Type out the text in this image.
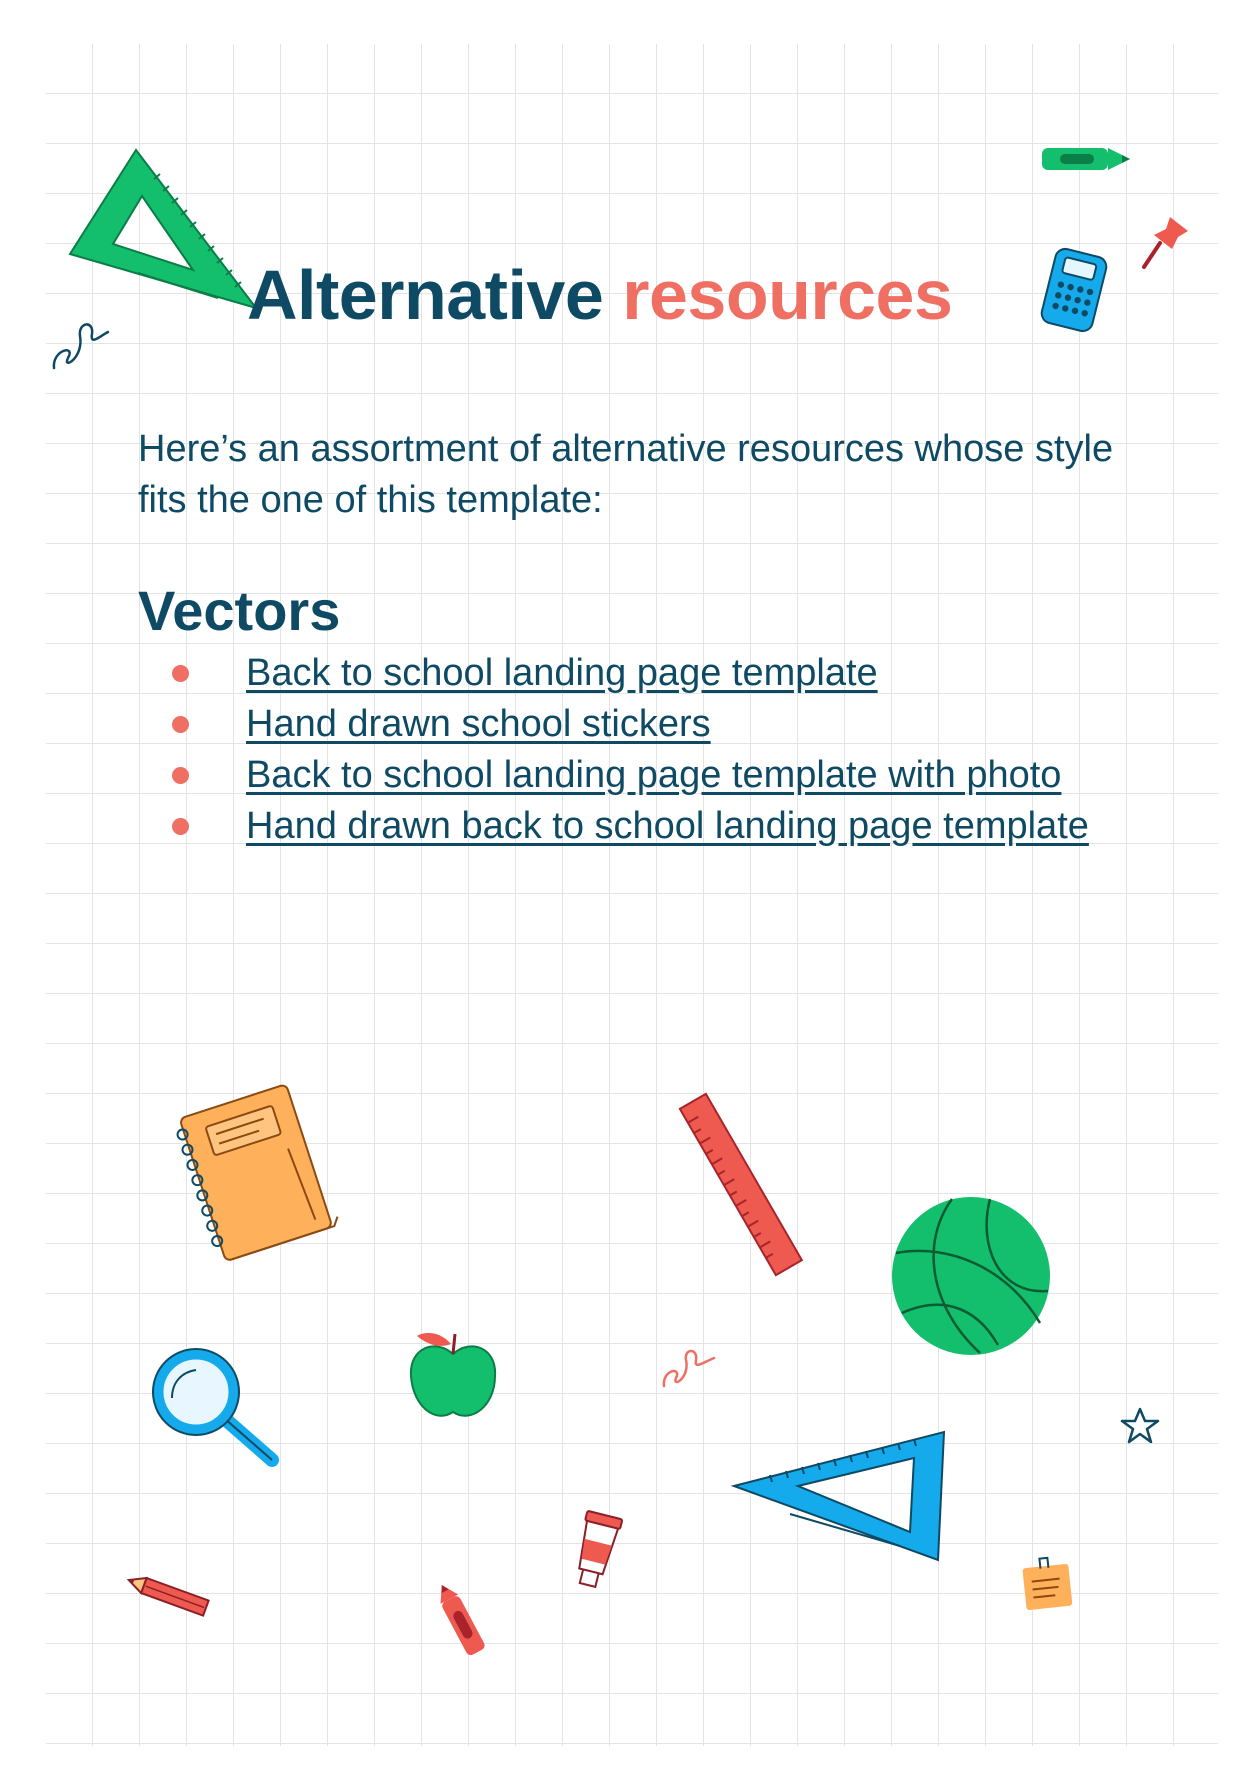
Alternative resources

Here’s an assortment of alternative resources whose style fits the one of this template:

Vectors
Back to school landing page template
Hand drawn school stickers
Back to school landing page template with photo
Hand drawn back to school landing page template
